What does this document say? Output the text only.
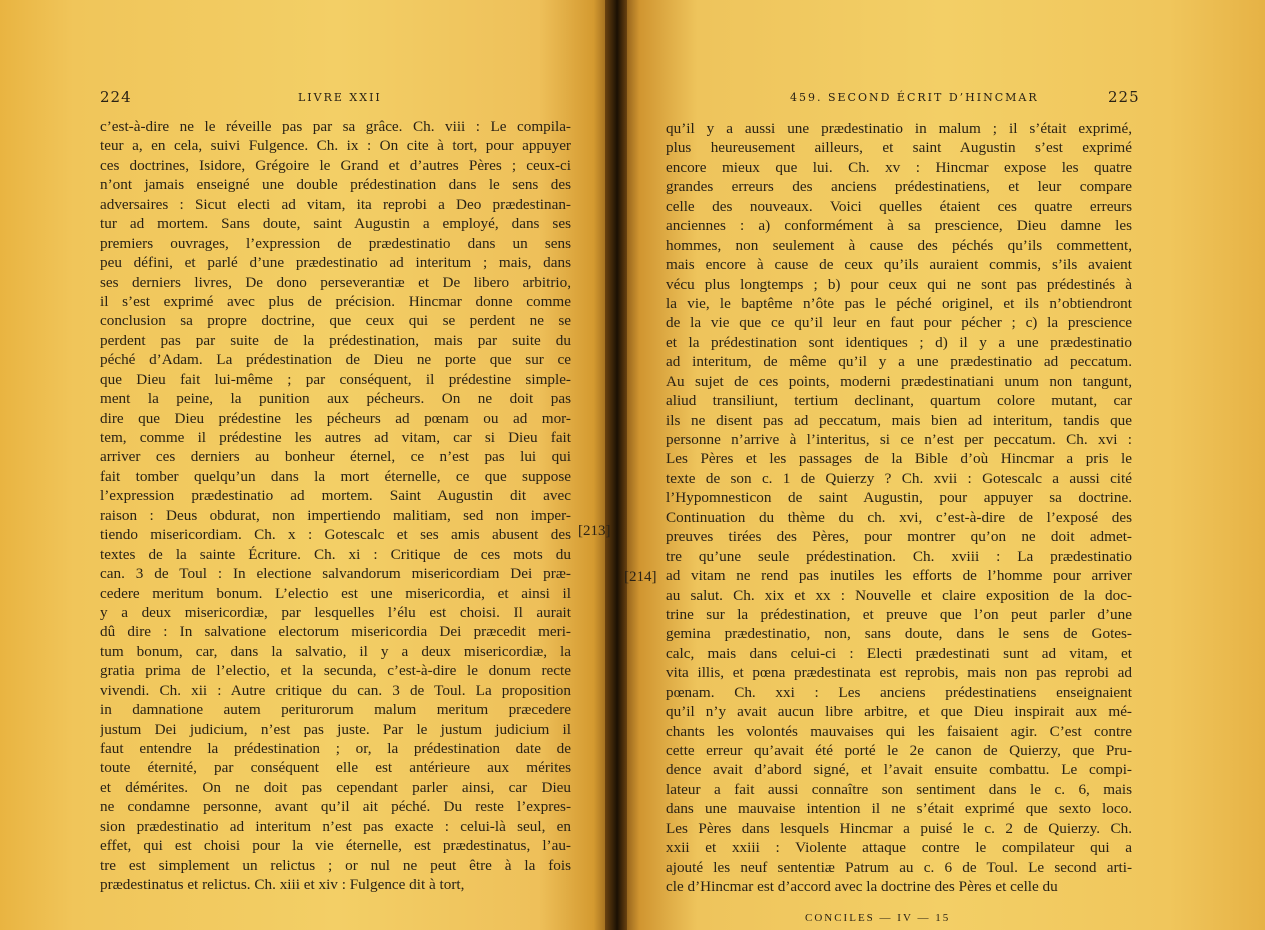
224	LIVRE XXII
c’est-à-dire ne le réveille pas par sa grâce. Ch. viii : Le compila-
teur a, en cela, suivi Fulgence. Ch. ix : On cite à tort, pour appuyer
ces doctrines, Isidore, Grégoire le Grand et d’autres Pères ; ceux-ci
n’ont jamais enseigné une double prédestination dans le sens des
adversaires : Sicut electi ad vitam, ita reprobi a Deo prædestinan-
tur ad mortem. Sans doute, saint Augustin a employé, dans ses
premiers ouvrages, l’expression de prædestinatio dans un sens
peu défini, et parlé d’une prædestinatio ad interitum ; mais, dans
ses derniers livres, De dono perseverantiæ et De libero arbitrio,
il s’est exprimé avec plus de précision. Hincmar donne comme
conclusion sa propre doctrine, que ceux qui se perdent ne se
perdent pas par suite de la prédestination, mais par suite du
péché d’Adam. La prédestination de Dieu ne porte que sur ce
que Dieu fait lui-même ; par conséquent, il prédestine simple-
ment la peine, la punition aux pécheurs. On ne doit pas
dire que Dieu prédestine les pécheurs ad pœnam ou ad mor-
tem, comme il prédestine les autres ad vitam, car si Dieu fait
arriver ces derniers au bonheur éternel, ce n’est pas lui qui
fait tomber quelqu’un dans la mort éternelle, ce que suppose
l’expression prædestinatio ad mortem. Saint Augustin dit avec
raison : Deus obdurat, non impertiendo malitiam, sed non imper-
tiendo misericordiam. Ch. x : Gotescalc et ses amis abusent des
textes de la sainte Écriture. Ch. xi : Critique de ces mots du
can. 3 de Toul : In electione salvandorum misericordiam Dei præ-
cedere meritum bonum. L’electio est une misericordia, et ainsi il
y a deux misericordiæ, par lesquelles l’élu est choisi. Il aurait
dû dire : In salvatione electorum misericordia Dei præcedit meri-
tum bonum, car, dans la salvatio, il y a deux misericordiæ, la
gratia prima de l’electio, et la secunda, c’est-à-dire le donum recte
vivendi. Ch. xii : Autre critique du can. 3 de Toul. La proposition
in damnatione autem periturorum malum meritum præcedere
justum Dei judicium, n’est pas juste. Par le justum judicium il
faut entendre la prédestination ; or, la prédestination date de
toute éternité, par conséquent elle est antérieure aux mérites
et démérites. On ne doit pas cependant parler ainsi, car Dieu
ne condamne personne, avant qu’il ait péché. Du reste l’expres-
sion prædestinatio ad interitum n’est pas exacte : celui-là seul, en
effet, qui est choisi pour la vie éternelle, est prædestinatus, l’au-
tre est simplement un relictus ; or nul ne peut être à la fois
prædestinatus et relictus. Ch. xiii et xiv : Fulgence dit à tort,
459. SECOND ÉCRIT D’HINCMAR	225
qu’il y a aussi une prædestinatio in malum ; il s’était exprimé,
plus heureusement ailleurs, et saint Augustin s’est exprimé
encore mieux que lui. Ch. xv : Hincmar expose les quatre
grandes erreurs des anciens prédestinatiens, et leur compare
celle des nouveaux. Voici quelles étaient ces quatre erreurs
anciennes : a) conformément à sa prescience, Dieu damne les
hommes, non seulement à cause des péchés qu’ils commettent,
mais encore à cause de ceux qu’ils auraient commis, s’ils avaient
vécu plus longtemps ; b) pour ceux qui ne sont pas prédestinés à
la vie, le baptême n’ôte pas le péché originel, et ils n’obtiendront
de la vie que ce qu’il leur en faut pour pécher ; c) la prescience
et la prédestination sont identiques ; d) il y a une prædestinatio
ad interitum, de même qu’il y a une prædestinatio ad peccatum.
Au sujet de ces points, moderni prædestinatiani unum non tangunt,
aliud transiliunt, tertium declinant, quartum colore mutant, car
ils ne disent pas ad peccatum, mais bien ad interitum, tandis que
personne n’arrive à l’interitus, si ce n’est per peccatum. Ch. xvi :
Les Pères et les passages de la Bible d’où Hincmar a pris le
texte de son c. 1 de Quierzy ? Ch. xvii : Gotescalc a aussi cité
l’Hypomnesticon de saint Augustin, pour appuyer sa doctrine.
Continuation du thème du ch. xvi, c’est-à-dire de l’exposé des
preuves tirées des Pères, pour montrer qu’on ne doit admet-
tre qu’une seule prédestination. Ch. xviii : La prædestinatio
ad vitam ne rend pas inutiles les efforts de l’homme pour arriver
au salut. Ch. xix et xx : Nouvelle et claire exposition de la doc-
trine sur la prédestination, et preuve que l’on peut parler d’une
gemina prædestinatio, non, sans doute, dans le sens de Gotes-
calc, mais dans celui-ci : Electi prædestinati sunt ad vitam, et
vita illis, et pœna prædestinata est reprobis, mais non pas reprobi ad
pœnam. Ch. xxi : Les anciens prédestinatiens enseignaient
qu’il n’y avait aucun libre arbitre, et que Dieu inspirait aux mé-
chants les volontés mauvaises qui les faisaient agir. C’est contre
cette erreur qu’avait été porté le 2e canon de Quierzy, que Pru-
dence avait d’abord signé, et l’avait ensuite combattu. Le compi-
lateur a fait aussi connaître son sentiment dans le c. 6, mais
dans une mauvaise intention il ne s’était exprimé que sexto loco.
Les Pères dans lesquels Hincmar a puisé le c. 2 de Quierzy. Ch.
xxii et xxiii : Violente attaque contre le compilateur qui a
ajouté les neuf sententiæ Patrum au c. 6 de Toul. Le second arti-
cle d’Hincmar est d’accord avec la doctrine des Pères et celle du
CONCILES — IV — 15
[213]
[214]
